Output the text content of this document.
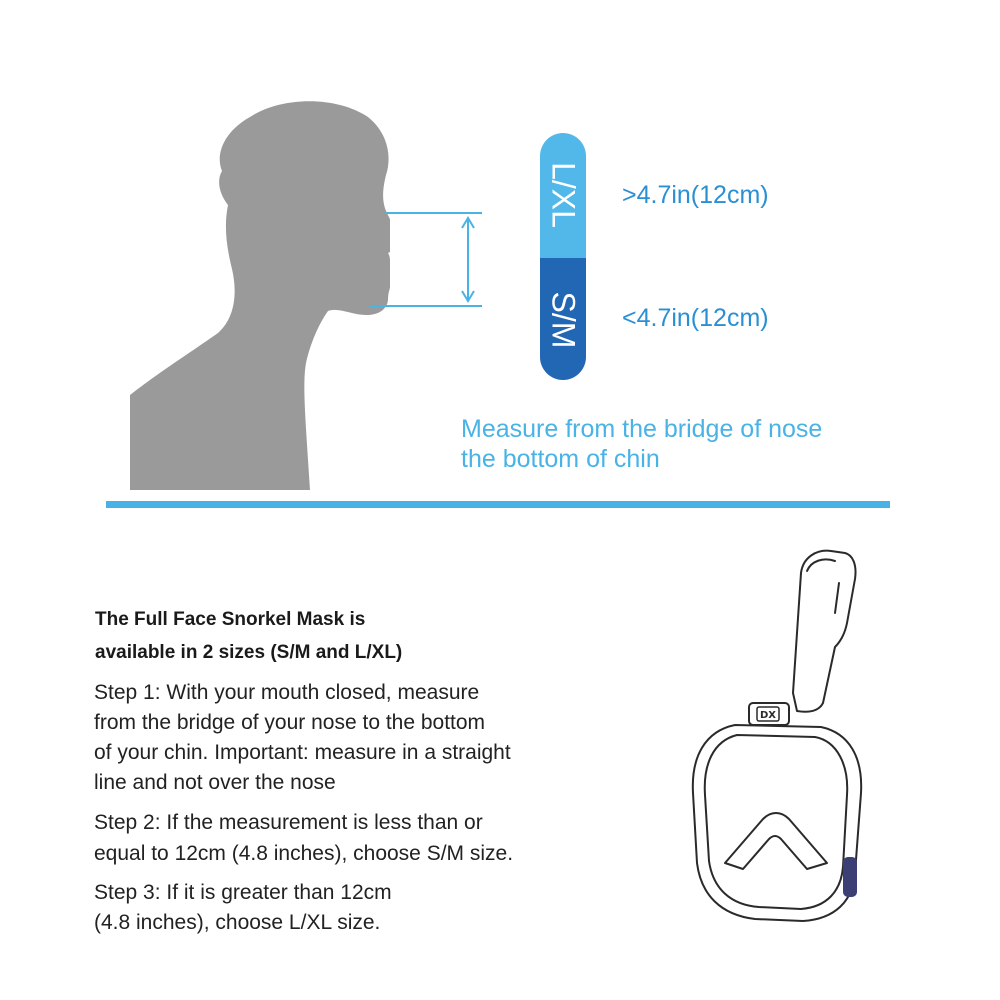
L/XL
S/M
>4.7in(12cm)
<4.7in(12cm)
Measure from the bridge of nose
the bottom of chin
The Full Face Snorkel Mask is
available in 2 sizes (S/M and L/XL)
Step 1: With your mouth closed, measure
from the bridge of your nose to the bottom
of your chin. Important: measure in a straight
line and not over the nose
Step 2: If the measurement is less than or
equal to 12cm (4.8 inches), choose S/M size.
Step 3: If it is greater than 12cm
(4.8 inches), choose L/XL size.
DX
